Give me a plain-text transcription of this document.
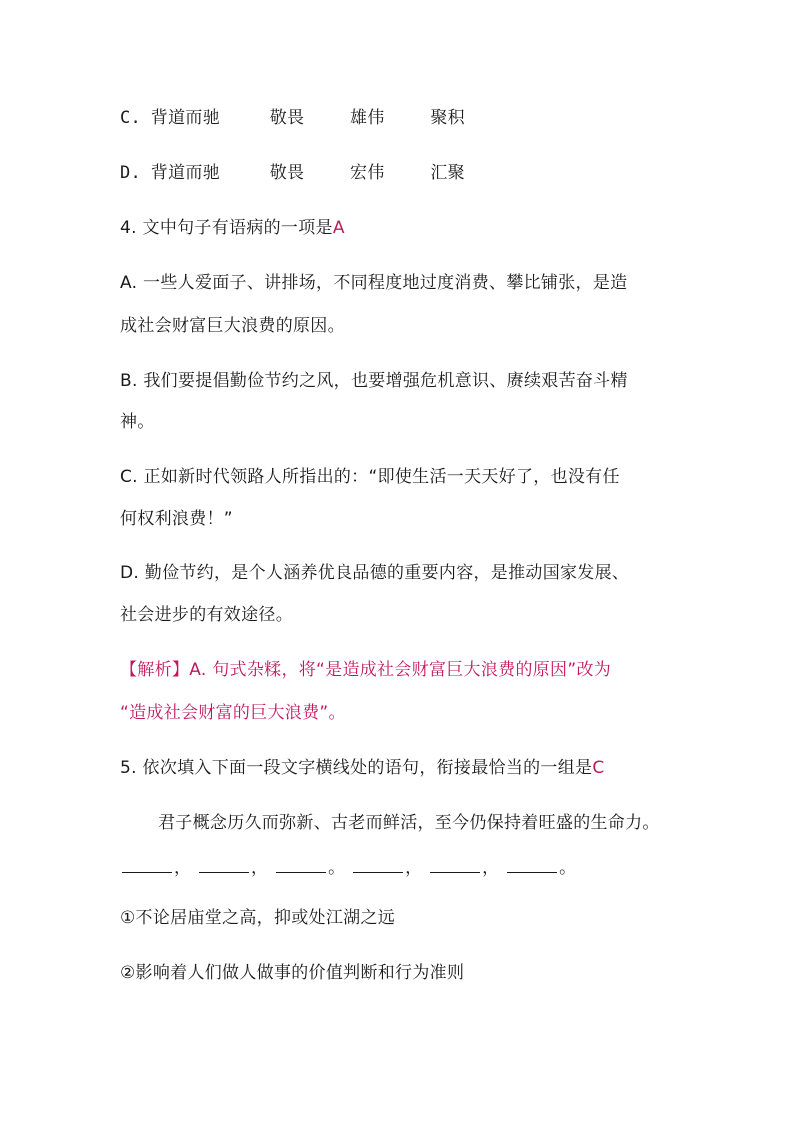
C. 背道而驰	敬畏	雄伟	聚积
D. 背道而驰	敬畏	宏伟	汇聚
4. 文中句子有语病的一项是A
A. 一些人爱面子、讲排场，不同程度地过度消费、攀比铺张，是造
成社会财富巨大浪费的原因。
B. 我们要提倡勤俭节约之风，也要增强危机意识、赓续艰苦奋斗精
神。
C. 正如新时代领路人所指出的：“即使生活一天天好了，也没有任
何权利浪费！”
D. 勤俭节约，是个人涵养优良品德的重要内容，是推动国家发展、
社会进步的有效途径。
【解析】A. 句式杂糅，将“是造成社会财富巨大浪费的原因”改为
“造成社会财富的巨大浪费”。
5. 依次填入下面一段文字横线处的语句，衔接最恰当的一组是C
君子概念历久而弥新、古老而鲜活，至今仍保持着旺盛的生命力。
，	，	。	，	，	。
①不论居庙堂之高，抑或处江湖之远
②影响着人们做人做事的价值判断和行为准则
